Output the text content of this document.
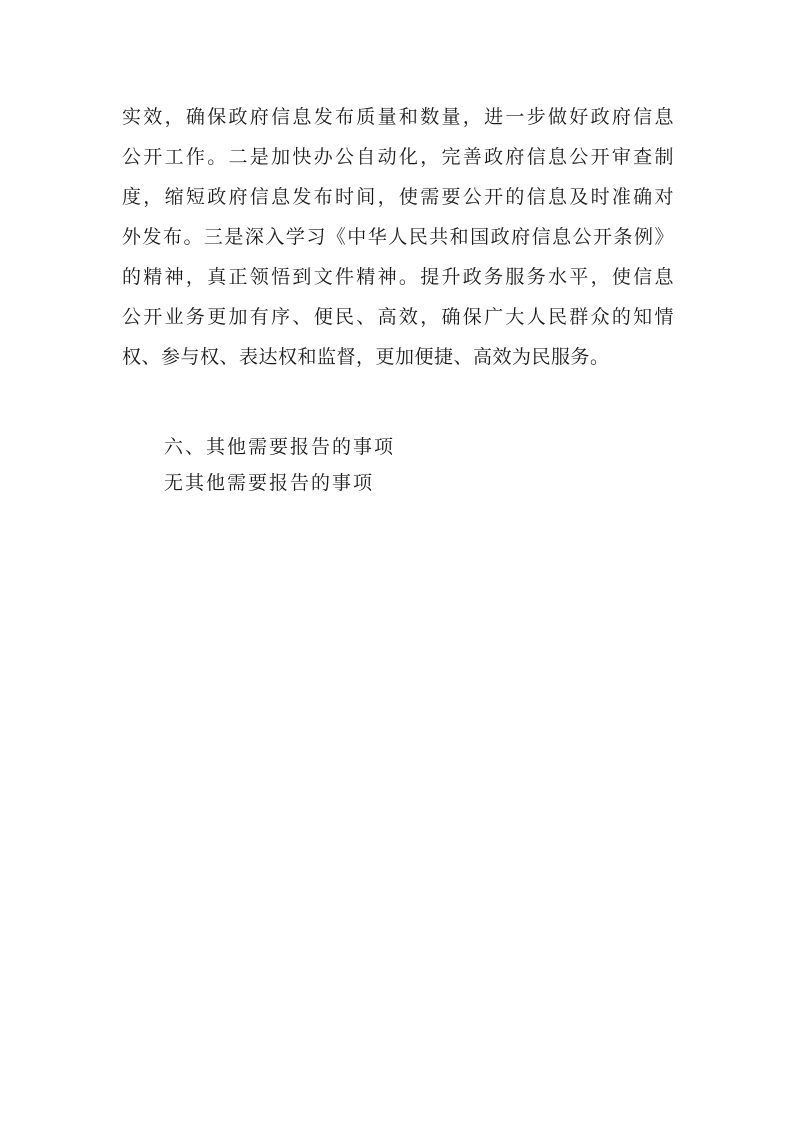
实效，确保政府信息发布质量和数量，进一步做好政府信息
公开工作。二是加快办公自动化，完善政府信息公开审查制
度，缩短政府信息发布时间，使需要公开的信息及时准确对
外发布。三是深入学习《中华人民共和国政府信息公开条例》
的精神，真正领悟到文件精神。提升政务服务水平，使信息
公开业务更加有序、便民、高效，确保广大人民群众的知情
权、参与权、表达权和监督，更加便捷、高效为民服务。

六、其他需要报告的事项

无其他需要报告的事项
